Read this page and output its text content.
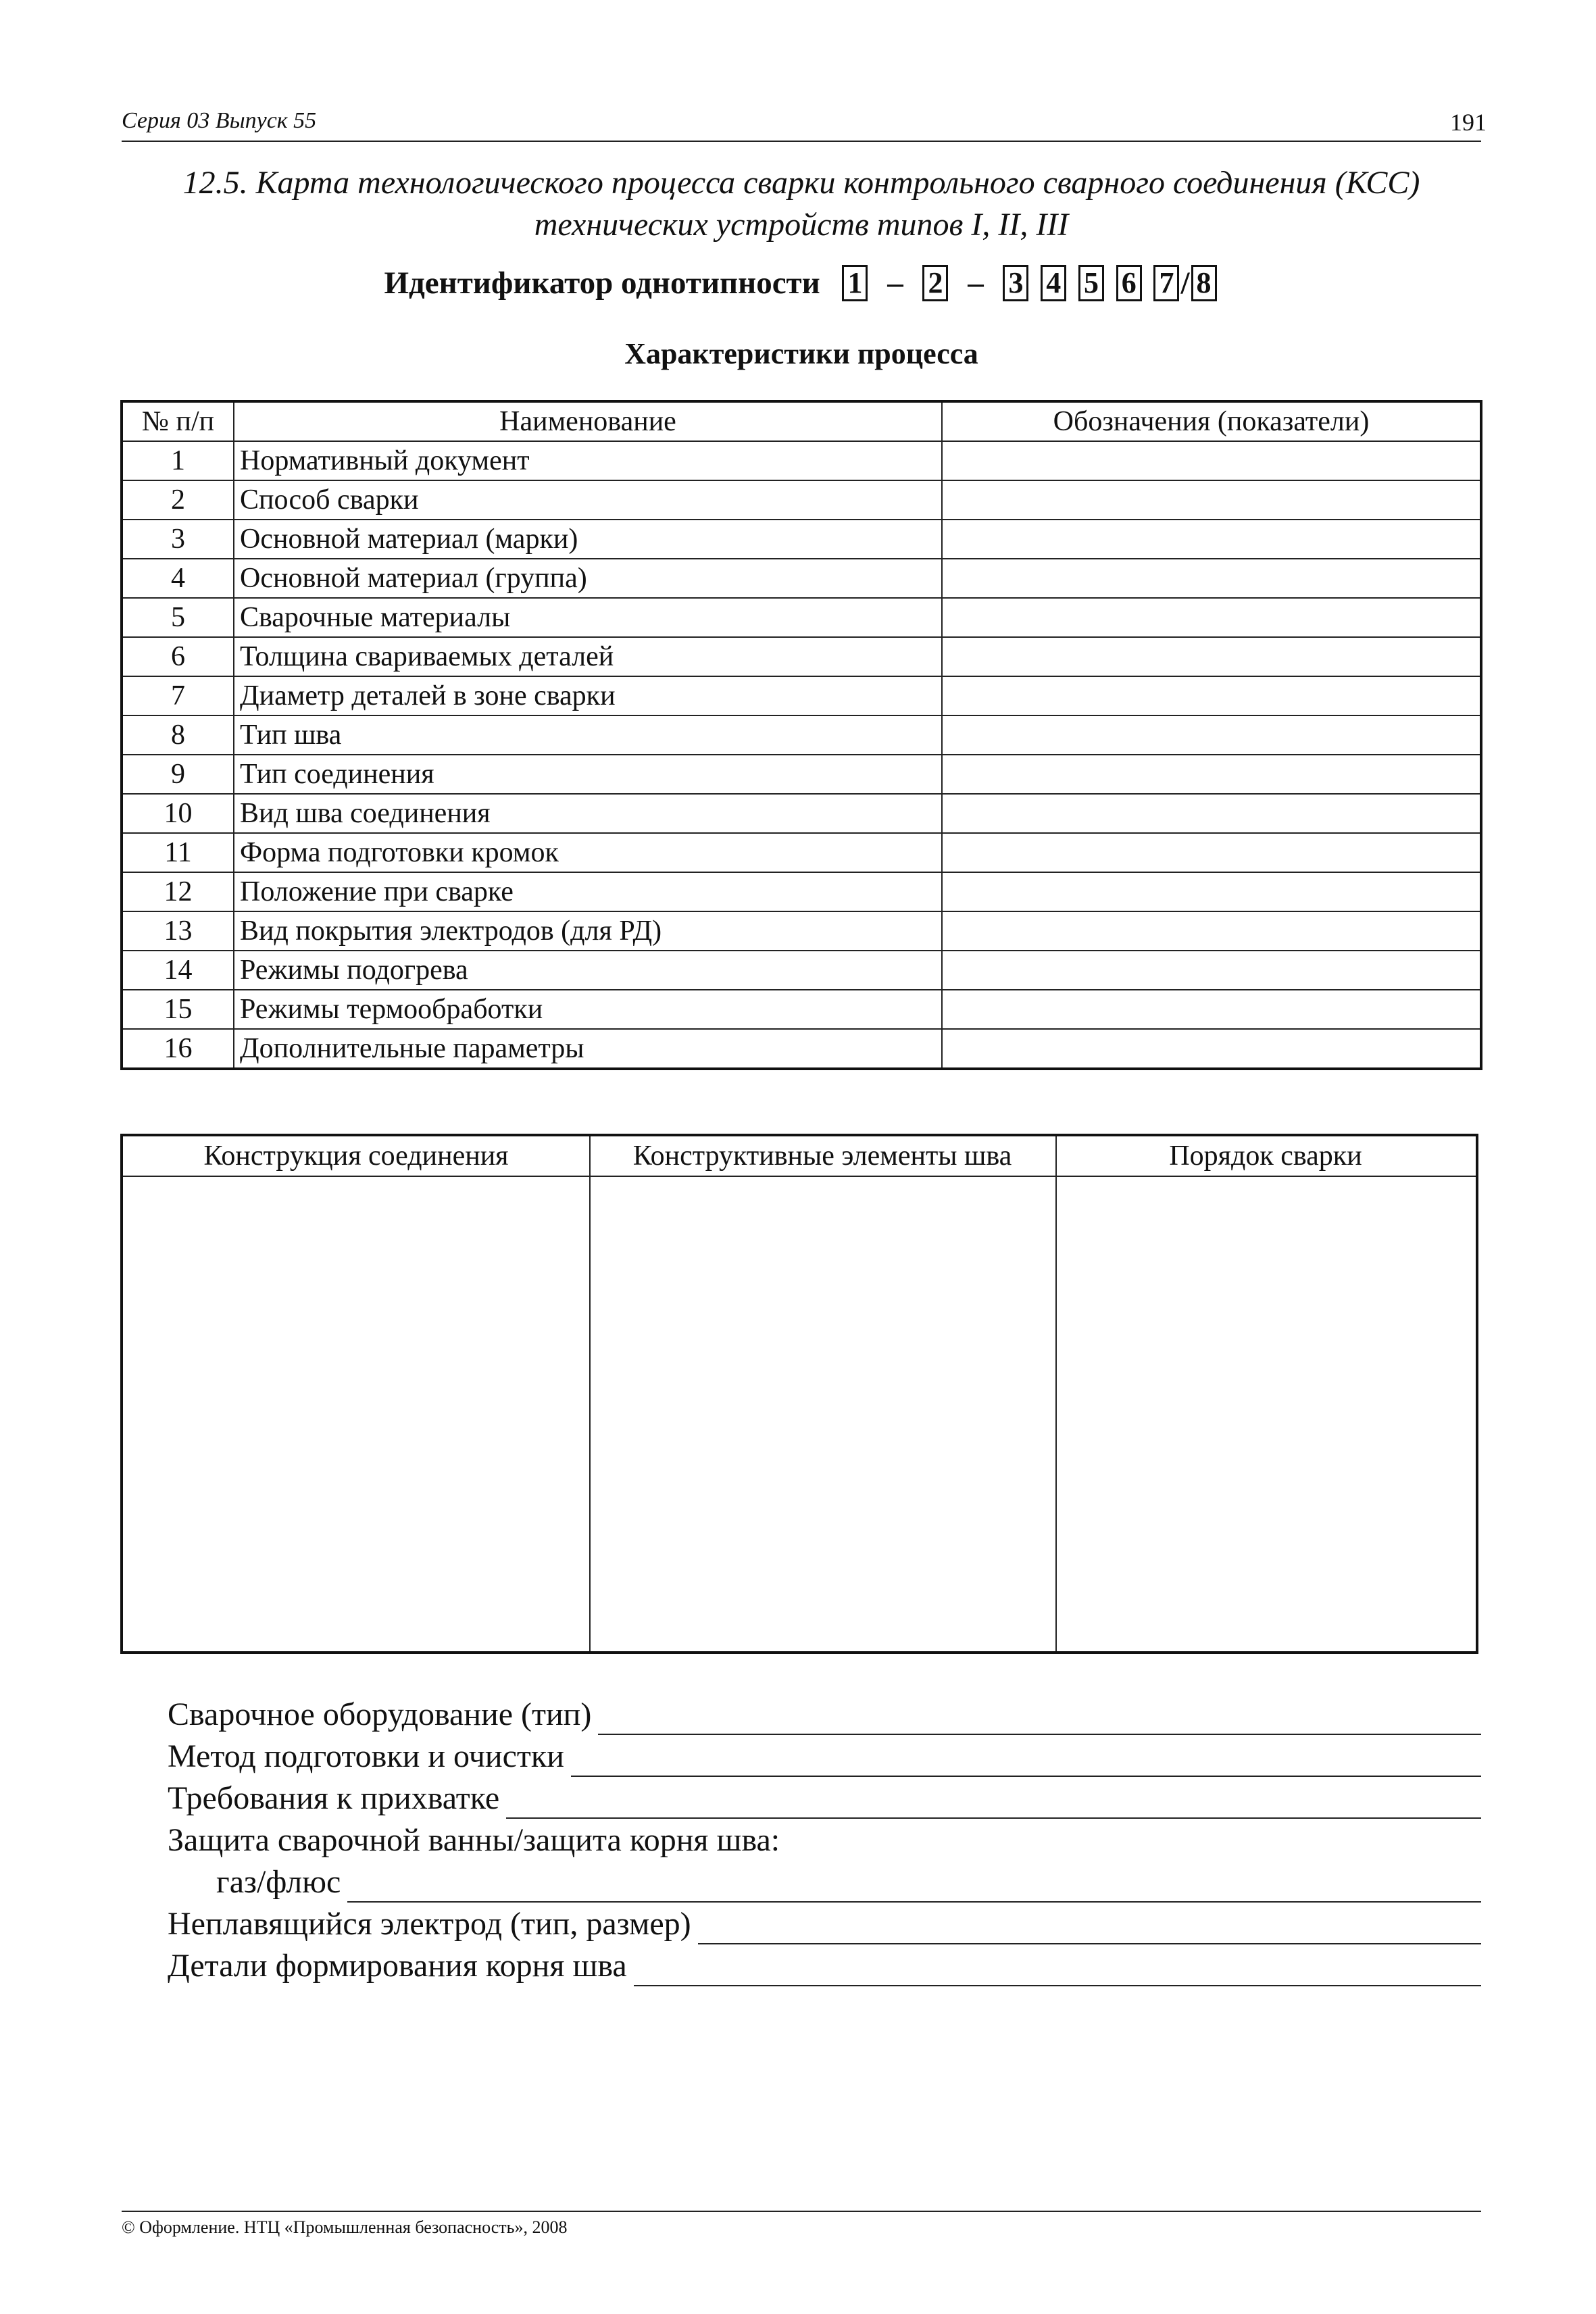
Серия 03 Выпуск 55	191
12.5. Карта технологического процесса сварки контрольного сварного соединения (КСС)
технических устройств типов I, II, III
Идентификатор однотипности 1 – 2 – 3 4 5 6 7 / 8
Характеристики процесса
№ п/п	Наименование	Обозначения (показатели)
1	Нормативный документ	
2	Способ сварки	
3	Основной материал (марки)	
4	Основной материал (группа)	
5	Сварочные материалы	
6	Толщина свариваемых деталей	
7	Диаметр деталей в зоне сварки	
8	Тип шва	
9	Тип соединения	
10	Вид шва соединения	
11	Форма подготовки кромок	
12	Положение при сварке	
13	Вид покрытия электродов (для РД)	
14	Режимы подогрева	
15	Режимы термообработки	
16	Дополнительные параметры	
Конструкция соединения	Конструктивные элементы шва	Порядок сварки
Сварочное оборудование (тип)
Метод подготовки и очистки
Требования к прихватке
Защита сварочной ванны/защита корня шва:
газ/флюс
Неплавящийся электрод (тип, размер)
Детали формирования корня шва
© Оформление. НТЦ «Промышленная безопасность», 2008
